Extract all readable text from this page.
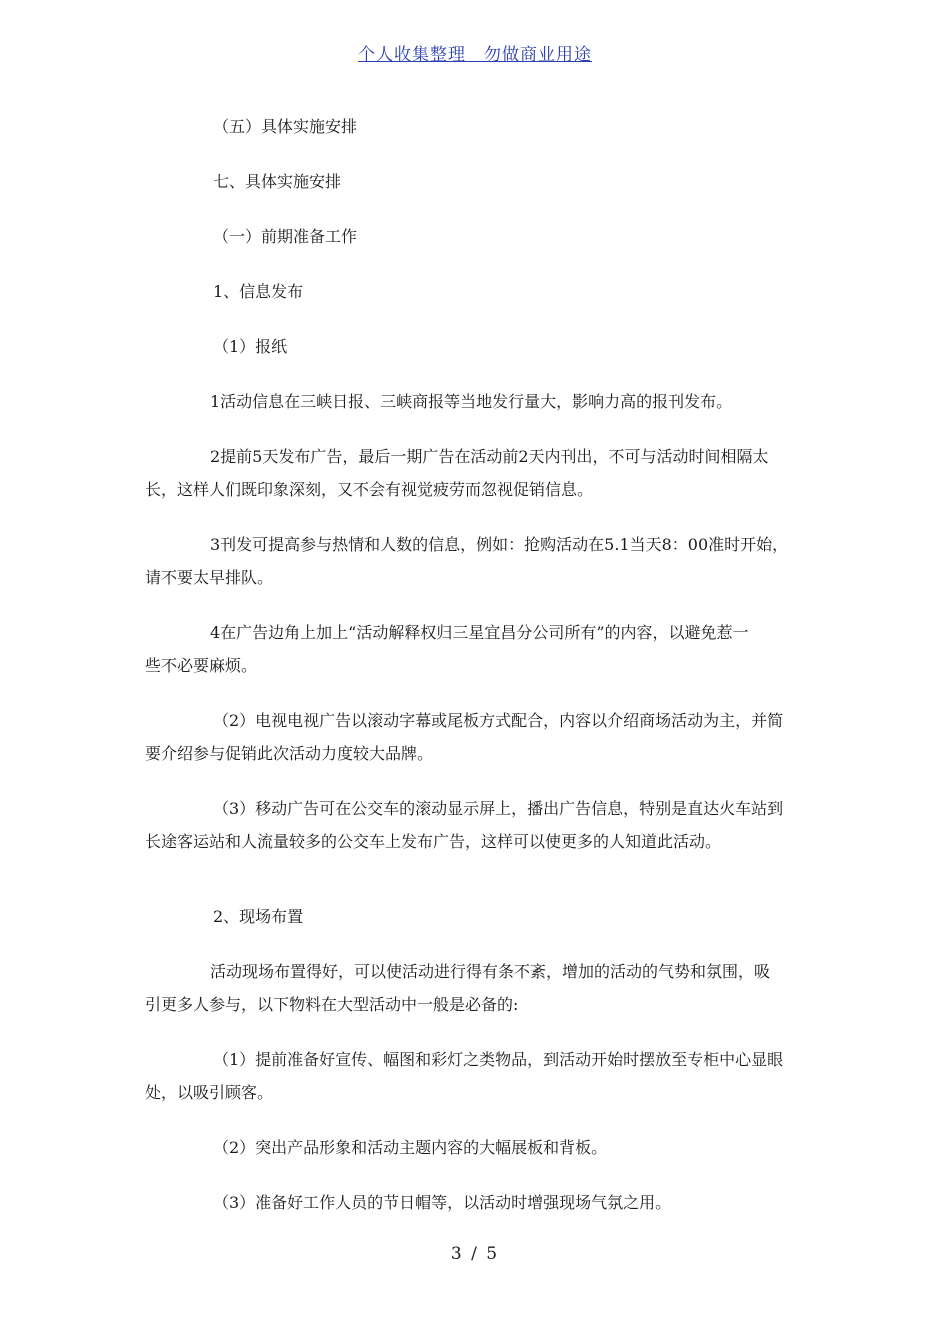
个人收集整理　勿做商业用途
（五）具体实施安排
七、具体实施安排
（一）前期准备工作
1、信息发布
（1）报纸
1活动信息在三峡日报、三峡商报等当地发行量大，影响力高的报刊发布。
2提前5天发布广告，最后一期广告在活动前2天内刊出，不可与活动时间相隔太
长，这样人们既印象深刻，又不会有视觉疲劳而忽视促销信息。
3刊发可提高参与热情和人数的信息，例如：抢购活动在5.1当天8：00准时开始，
请不要太早排队。
4在广告边角上加上“活动解释权归三星宜昌分公司所有”的内容，以避免惹一
些不必要麻烦。
（2）电视电视广告以滚动字幕或尾板方式配合，内容以介绍商场活动为主，并简
要介绍参与促销此次活动力度较大品牌。
（3）移动广告可在公交车的滚动显示屏上，播出广告信息，特别是直达火车站到
长途客运站和人流量较多的公交车上发布广告，这样可以使更多的人知道此活动。
2、现场布置
活动现场布置得好，可以使活动进行得有条不紊，增加的活动的气势和氛围，吸
引更多人参与，以下物料在大型活动中一般是必备的:
（1）提前准备好宣传、幅图和彩灯之类物品，到活动开始时摆放至专柜中心显眼
处，以吸引顾客。
（2）突出产品形象和活动主题内容的大幅展板和背板。
（3）准备好工作人员的节日帽等，以活动时增强现场气氛之用。
3 / 5
